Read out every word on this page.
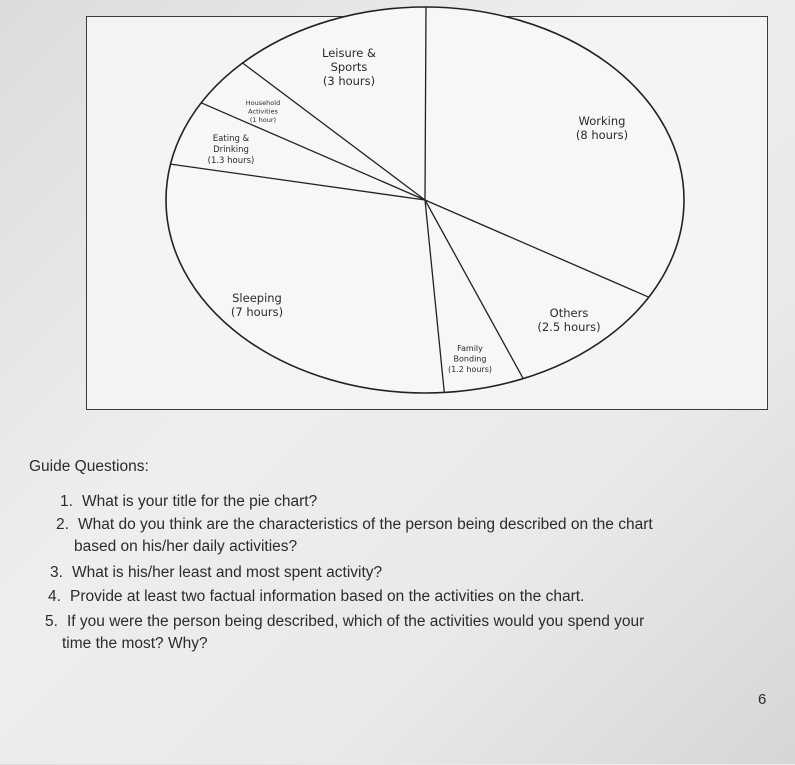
Working
(8 hours)
Others
(2.5 hours)
Family
Bonding
(1.2 hours)
Sleeping
(7 hours)
Eating &
Drinking
(1.3 hours)
Household
Activities
(1 hour)
Leisure &
Sports
(3 hours)
Guide Questions:
1. What is your title for the pie chart?
2. What do you think are the characteristics of the person being described on the chart
based on his/her daily activities?
3. What is his/her least and most spent activity?
4. Provide at least two factual information based on the activities on the chart.
5. If you were the person being described, which of the activities would you spend your
time the most? Why?
6
